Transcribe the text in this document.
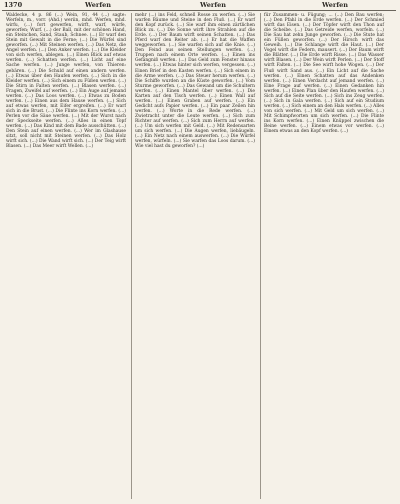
1370	Werfen	Werfen	Werfen
Waldecke, 4 p. 86 (...) Wein, 91, 44 (...) sagte: Werfeln, m., vorr. (Ahd.) weriin, mhd. Werfen, mhd. wirfu, (...) fort gewerfen, wirft, warf, würfe, geworfen; Wurf. (...) der Ball, mit der schönen Hand, ein Steinchen, Sand, Staub, Schnee. (...) Er warf den Stein mit Gewalt in die Ferne; (...) Die Würfel sind geworfen. (...) Mit Steinen werfen. (...) Das Netz, die Angel werfen. (...) Den Anker werfen. (...) Die Kleider von sich werfen, ablegen. (...) Einen Blick auf etwas werfen. (...) Schatten werfen. (...) Licht auf eine Sache werfen. (...) Junge werfen, von Thieren: gebären. (...) Die Schuld auf einen andern werfen. (...) Etwas über den Haufen werfen. (...) Sich in die Kleider werfen. (...) Sich einem zu Füßen werfen. (...) Die Stirn in Falten werfen. (...) Blasen werfen. (...) Fragen, Zweifel auf werfen. (...) Ein Auge auf jemand werfen. (...) Das Loos werfen. (...) Etwas zu Boden werfen. (...) Einen aus dem Hause werfen. (...) Sich auf etwas werfen, mit Eifer ergreifen. (...) Er warf sich in die Brust. (...) Die Flinte ins Korn werfen. (...) Perlen vor die Säue werfen. (...) Mit der Wurst nach der Speckseite werfen. (...) Alles in einen Topf werfen. (...) Das Kind mit dem Bade ausschütten. (...) Den Stein auf einen werfen. (...) Wer im Glashause sitzt, soll nicht mit Steinen werfen. (...) Das Holz wirft sich. (...) Die Wand wirft sich. (...) Der Teig wirft Blasen. (...) Das Meer wirft Wellen. (...)
mehr (...) ins Feld, schnell Rosse zu werfen. (...) Sie warfen Bäume und Steine in den Fluß. (...) Er warf den Kopf zurück. (...) Sie warf ihm einen zärtlichen Blick zu. (...) Die Sonne wirft ihre Strahlen auf die Erde. (...) Der Baum wirft seinen Schatten. (...) Das Pferd warf den Reiter ab. (...) Er hat die Waffen weggeworfen. (...) Sie warfen sich auf die Knie. (...) Den Feind aus seinen Stellungen werfen. (...) Truppen nach einem Orte werfen. (...) Einen ins Gefängniß werfen. (...) Das Geld zum Fenster hinaus werfen. (...) Etwas hinter sich werfen, vergessen. (...) Einen Brief in den Kasten werfen. (...) Sich einem in die Arme werfen. (...) Das Steuer herum werfen. (...) Die Schiffe wurden an die Küste geworfen. (...) Vom Sturme geworfen. (...) Das Gewand um die Schultern werfen. (...) Einen Mantel über werfen. (...) Die Karten auf den Tisch werfen. (...) Einen Wall auf werfen. (...) Einen Graben auf werfen. (...) Ein Gedicht aufs Papier werfen. (...) Ein paar Zeilen hin werfen. (...) Worte in die Rede werfen. (...) Zwietracht unter die Leute werfen. (...) Sich zum Richter auf werfen. (...) Sich zum Herrn auf werfen. (...) Um sich werfen mit Geld. (...) Mit Redensarten um sich werfen. (...) Die Augen werfen, liebäugeln. (...) Ein Netz nach einem auswerfen. (...) Die Würfel werfen, würfeln. (...) Sie warfen das Loos darum. (...) Wie viel hast du geworfen? (...)
für Zusammen- u. Fügung; ... (...) Den Bau werfen; (...) Den Pfahl in die Erde werfen. (...) Der Schmied wirft das Eisen. (...) Der Töpfer wirft den Thon auf die Scheibe. (...) Das Getreide werfen, worfeln. (...) Die Sau hat zehn Junge geworfen. (...) Die Stute hat ein Füllen geworfen. (...) Der Hirsch wirft das Geweih. (...) Die Schlange wirft die Haut. (...) Der Vogel wirft die Federn, mausert. (...) Der Baum wirft die Blätter. (...) Die Erde wirft Risse. (...) Das Wasser wirft Blasen. (...) Der Wein wirft Perlen. (...) Der Stoff wirft Falten. (...) Die See wirft hohe Wogen. (...) Der Fluß wirft Sand aus. (...) Ein Licht auf die Sache werfen. (...) Einen Schatten auf das Andenken werfen. (...) Einen Verdacht auf jemand werfen. (...) Eine Frage auf werfen. (...) Einen Gedanken hin werfen. (...) Einen Plan über den Haufen werfen. (...) Sich auf die Seite werfen. (...) Sich ins Zeug werfen. (...) Sich in Gala werfen. (...) Sich auf ein Studium werfen. (...) Sich einem an den Hals werfen. (...) Alles von sich werfen. (...) Mit Geld um sich werfen. (...) Mit Schimpfworten um sich werfen. (...) Die Flinte ins Korn werfen. (...) Einen Knüppel zwischen die Beine werfen. (...) Einem etwas vor werfen. (...) Einem etwas an den Kopf werfen. (...)
